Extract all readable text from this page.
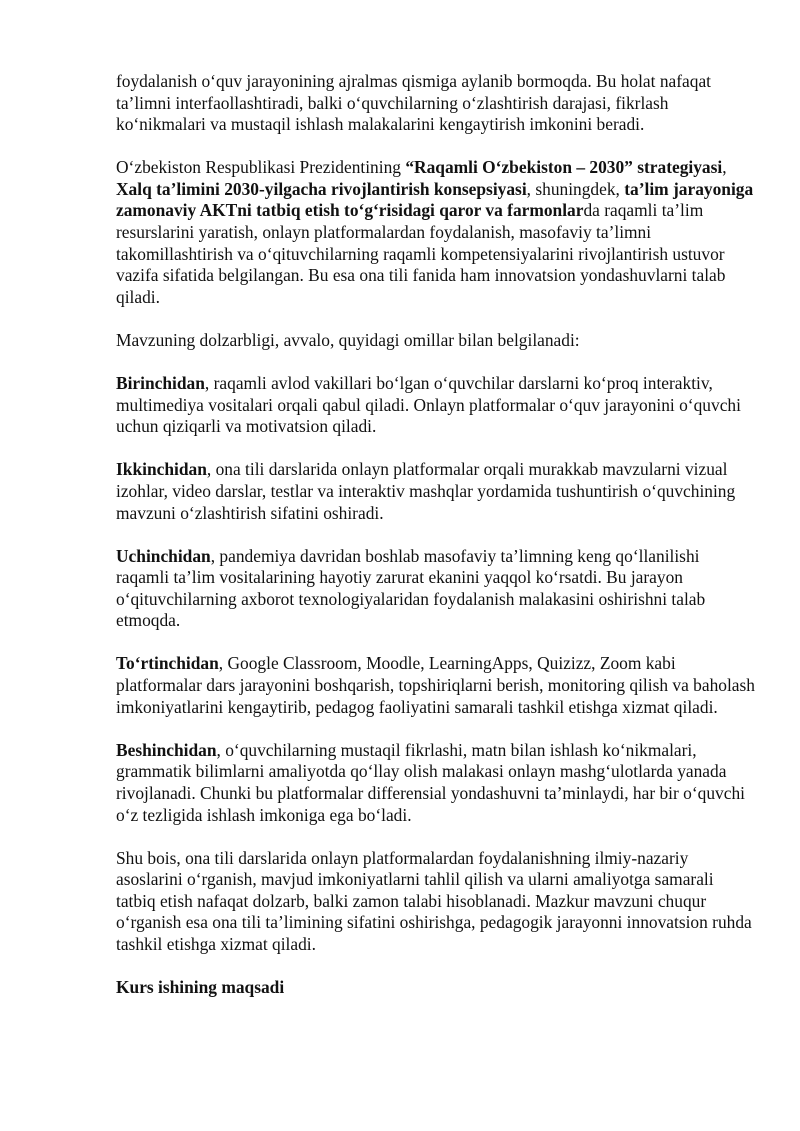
foydalanish o‘quv jarayonining ajralmas qismiga aylanib bormoqda. Bu holat nafaqat ta’limni interfaollashtiradi, balki o‘quvchilarning o‘zlashtirish darajasi, fikrlash ko‘nikmalari va mustaqil ishlash malakalarini kengaytirish imkonini beradi.

O‘zbekiston Respublikasi Prezidentining “Raqamli O‘zbekiston – 2030” strategiyasi, Xalq ta’limini 2030-yilgacha rivojlantirish konsepsiyasi, shuningdek, ta’lim jarayoniga zamonaviy AKTni tatbiq etish to‘g‘risidagi qaror va farmonlarda raqamli ta’lim resurslarini yaratish, onlayn platformalardan foydalanish, masofaviy ta’limni takomillashtirish va o‘qituvchilarning raqamli kompetensiyalarini rivojlantirish ustuvor vazifa sifatida belgilangan. Bu esa ona tili fanida ham innovatsion yondashuvlarni talab qiladi.

Mavzuning dolzarbligi, avvalo, quyidagi omillar bilan belgilanadi:

Birinchidan, raqamli avlod vakillari bo‘lgan o‘quvchilar darslarni ko‘proq interaktiv, multimediya vositalari orqali qabul qiladi. Onlayn platformalar o‘quv jarayonini o‘quvchi uchun qiziqarli va motivatsion qiladi.

Ikkinchidan, ona tili darslarida onlayn platformalar orqali murakkab mavzularni vizual izohlar, video darslar, testlar va interaktiv mashqlar yordamida tushuntirish o‘quvchining mavzuni o‘zlashtirish sifatini oshiradi.

Uchinchidan, pandemiya davridan boshlab masofaviy ta’limning keng qo‘llanilishi raqamli ta’lim vositalarining hayotiy zarurat ekanini yaqqol ko‘rsatdi. Bu jarayon o‘qituvchilarning axborot texnologiyalaridan foydalanish malakasini oshirishni talab etmoqda.

To‘rtinchidan, Google Classroom, Moodle, LearningApps, Quizizz, Zoom kabi platformalar dars jarayonini boshqarish, topshiriqlarni berish, monitoring qilish va baholash imkoniyatlarini kengaytirib, pedagog faoliyatini samarali tashkil etishga xizmat qiladi.

Beshinchidan, o‘quvchilarning mustaqil fikrlashi, matn bilan ishlash ko‘nikmalari, grammatik bilimlarni amaliyotda qo‘llay olish malakasi onlayn mashg‘ulotlarda yanada rivojlanadi. Chunki bu platformalar differensial yondashuvni ta’minlaydi, har bir o‘quvchi o‘z tezligida ishlash imkoniga ega bo‘ladi.

Shu bois, ona tili darslarida onlayn platformalardan foydalanishning ilmiy-nazariy asoslarini o‘rganish, mavjud imkoniyatlarni tahlil qilish va ularni amaliyotga samarali tatbiq etish nafaqat dolzarb, balki zamon talabi hisoblanadi. Mazkur mavzuni chuqur o‘rganish esa ona tili ta’limining sifatini oshirishga, pedagogik jarayonni innovatsion ruhda tashkil etishga xizmat qiladi.

Kurs ishining maqsadi
